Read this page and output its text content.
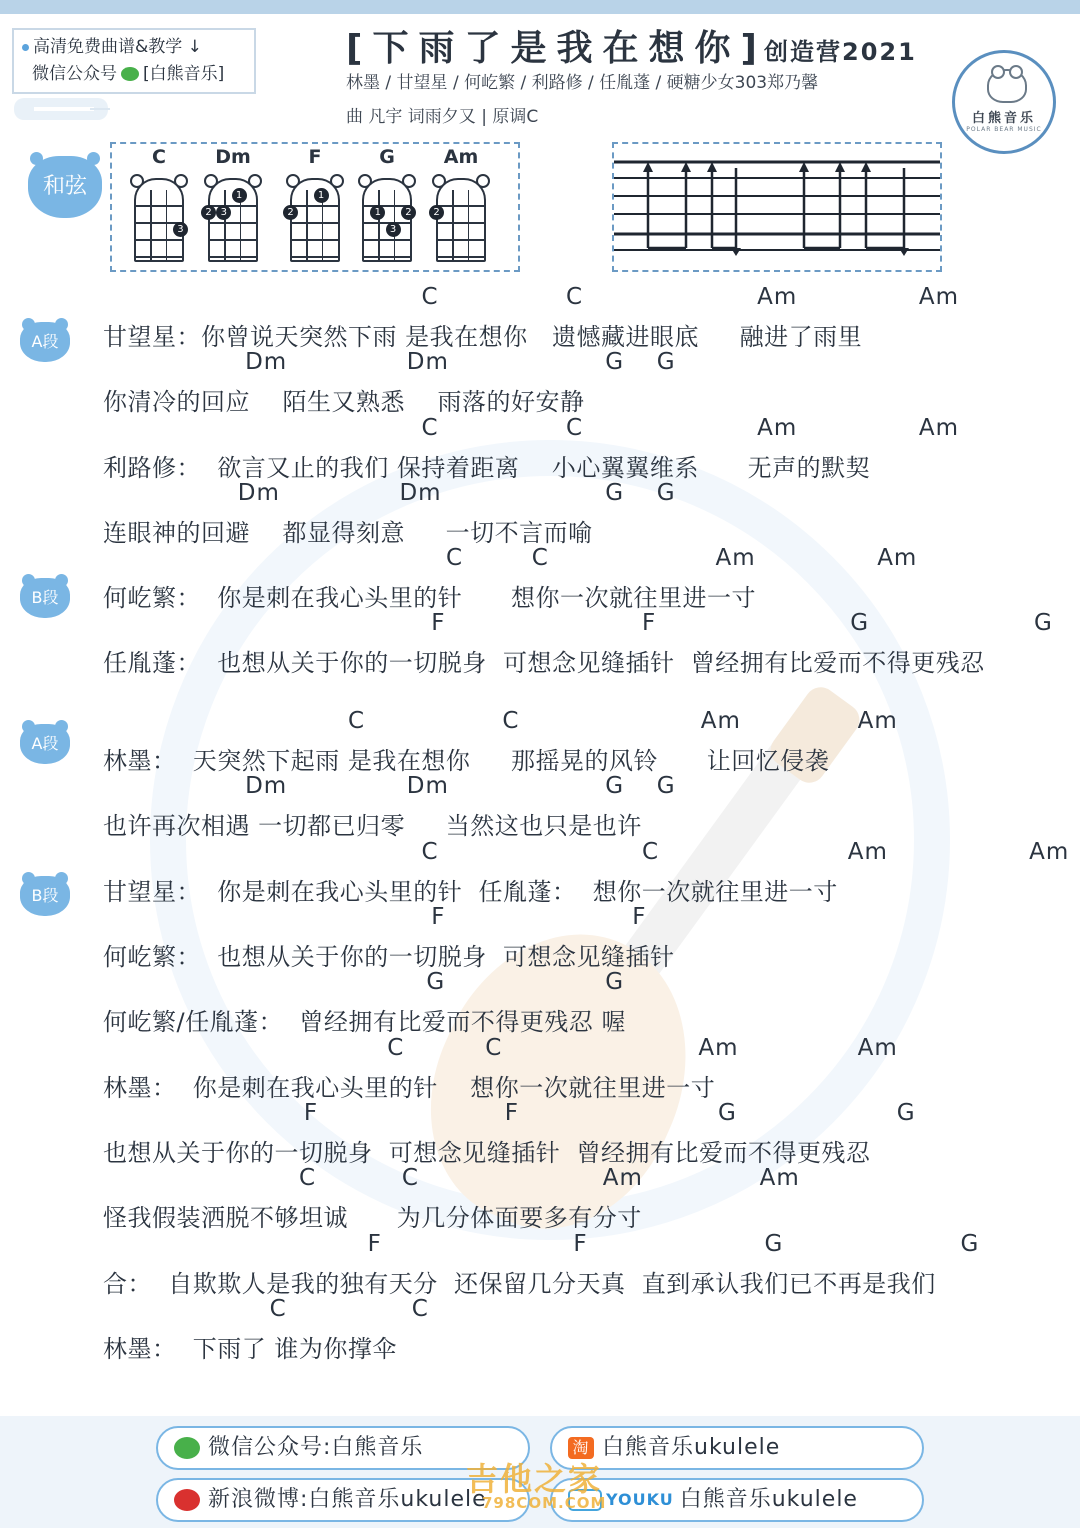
高清免费曲谱&教学 ↓
微信公众号 [白熊音乐]
[下雨了是我在想你]
创造营2021
林墨 / 甘望星 / 何屹繁 / 利路修 / 任胤蓬 / 硬糖少女303郑乃馨
曲 凡宇 词雨夕又 | 原调C	白熊音乐
POLAR BEAR MUSIC
和弦
C
3
Dm
2 3
1
F
2
1
G
1
3
2
Am
2
A段
B段
A段
B段
C	C	Am	Am
甘望星：你曾说天突然下雨 是我在想你   遗憾藏进眼底     融进了雨里
Dm	Dm	G G
你清冷的回应    陌生又熟悉    雨落的好安静
C	C	Am	Am
利路修：  欲言又止的我们 保持着距离    小心翼翼维系      无声的默契
Dm	Dm	G G
连眼神的回避    都显得刻意     一切不言而喻
C	C	Am	Am
何屹繁：  你是刺在我心头里的针      想你一次就往里进一寸
F	F	G	G
任胤蓬：  也想从关于你的一切脱身  可想念见缝插针  曾经拥有比爱而不得更残忍
C	C	Am	Am
林墨：  天突然下起雨 是我在想你     那摇晃的风铃      让回忆侵袭
Dm	Dm	G G
也许再次相遇 一切都已归零     当然这也只是也许
C	C	Am	Am
甘望星：  你是刺在我心头里的针  任胤蓬：  想你一次就往里进一寸
F	F
何屹繁：  也想从关于你的一切脱身  可想念见缝插针
G	G
何屹繁/任胤蓬：  曾经拥有比爱而不得更残忍 喔
C	C	Am	Am
林墨：  你是刺在我心头里的针    想你一次就往里进一寸
F	F	G	G
也想从关于你的一切脱身  可想念见缝插针  曾经拥有比爱而不得更残忍
C	C	Am	Am
怪我假装洒脱不够坦诚      为几分体面要多有分寸
F	F	G	G
合：  自欺欺人是我的独有天分  还保留几分天真  直到承认我们已不再是我们
C	C
林墨：  下雨了 谁为你撑伞
微信公众号:白熊音乐	淘 白熊音乐ukulele
新浪微博:白熊音乐ukulele	YOUKU 白熊音乐ukulele
吉他之家
798COM.COM
